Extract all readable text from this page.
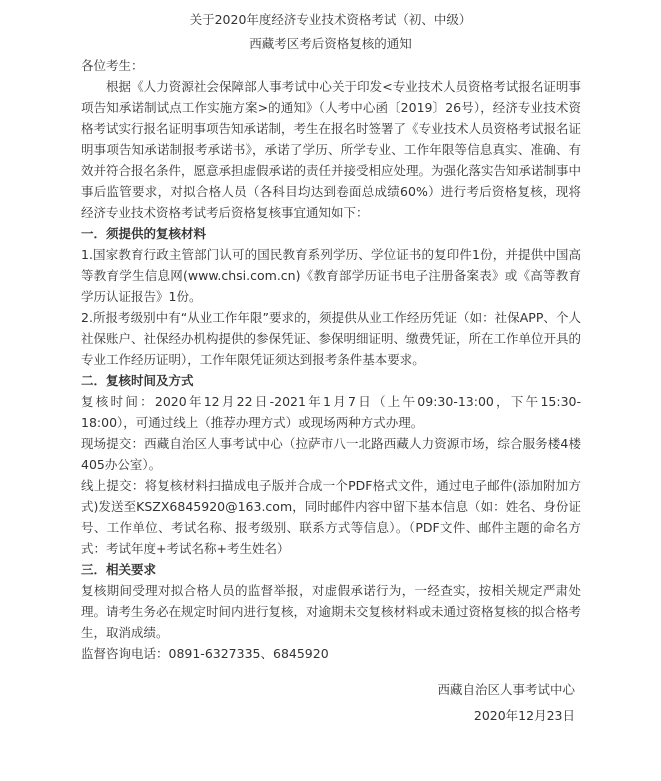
关于2020年度经济专业技术资格考试（初、中级）
西藏考区考后资格复核的通知

各位考生：

根据《人力资源社会保障部人事考试中心关于印发<专业技术人员资格考试报名证明事项告知承诺制试点工作实施方案>的通知》（人考中心函〔2019〕26号），经济专业技术资格考试实行报名证明事项告知承诺制，考生在报名时签署了《专业技术人员资格考试报名证明事项告知承诺制报考承诺书》，承诺了学历、所学专业、工作年限等信息真实、准确、有效并符合报名条件，愿意承担虚假承诺的责任并接受相应处理。为强化落实告知承诺制事中事后监管要求，对拟合格人员（各科目均达到卷面总成绩60%）进行考后资格复核，现将经济专业技术资格考试考后资格复核事宜通知如下：

一．须提供的复核材料

1.国家教育行政主管部门认可的国民教育系列学历、学位证书的复印件1份，并提供中国高等教育学生信息网(www.chsi.com.cn)《教育部学历证书电子注册备案表》或《高等教育学历认证报告》1份。

2.所报考级别中有“从业工作年限”要求的，须提供从业工作经历凭证（如：社保APP、个人社保账户、社保经办机构提供的参保凭证、参保明细证明、缴费凭证，所在工作单位开具的专业工作经历证明），工作年限凭证须达到报考条件基本要求。

二．复核时间及方式

复核时间：2020年12月22日-2021年1月7日（上午09:30-13:00，下午15:30-18:00），可通过线上（推荐办理方式）或现场两种方式办理。

现场提交：西藏自治区人事考试中心（拉萨市八一北路西藏人力资源市场，综合服务楼4楼405办公室）。

线上提交：将复核材料扫描成电子版并合成一个PDF格式文件，通过电子邮件(添加附加方式)发送至KSZX6845920@163.com，同时邮件内容中留下基本信息（如：姓名、身份证号、工作单位、考试名称、报考级别、联系方式等信息）。（PDF文件、邮件主题的命名方式：考试年度+考试名称+考生姓名）

三．相关要求

复核期间受理对拟合格人员的监督举报，对虚假承诺行为，一经查实，按相关规定严肃处理。请考生务必在规定时间内进行复核，对逾期未交复核材料或未通过资格复核的拟合格考生，取消成绩。

监督咨询电话：0891-6327335、6845920

西藏自治区人事考试中心
2020年12月23日
